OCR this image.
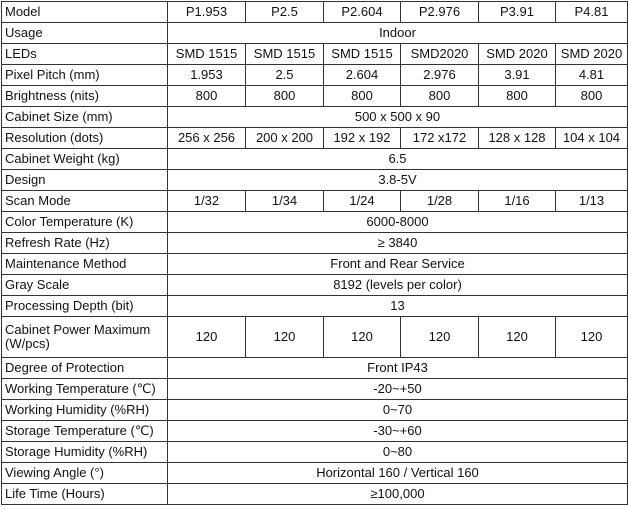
Model	P1.953	P2.5	P2.604	P2.976	P3.91	P4.81
Usage	Indoor					
LEDs	SMD 1515	SMD 1515	SMD 1515	SMD2020	SMD 2020	SMD 2020
Pixel Pitch (mm)	1.953	2.5	2.604	2.976	3.91	4.81
Brightness (nits)	800	800	800	800	800	800
Cabinet Size (mm)	500 x 500 x 90					
Resolution (dots)	256 x 256	200 x 200	192 x 192	172 x172	128 x 128	104 x 104
Cabinet Weight (kg)	6.5					
Design	3.8-5V					
Scan Mode	1/32	1/34	1/24	1/28	1/16	1/13
Color Temperature (K)	6000-8000					
Refresh Rate (Hz)	≥ 3840					
Maintenance Method	Front and Rear Service					
Gray Scale	8192 (levels per color)					
Processing Depth (bit)	13					
Cabinet Power Maximum (W/pcs)	120	120	120	120	120	120
Degree of Protection	Front IP43					
Working Temperature (℃)	-20~+50					
Working Humidity (%RH)	0~70					
Storage Temperature (℃)	-30~+60					
Storage Humidity (%RH)	0~80					
Viewing Angle (°)	Horizontal 160 / Vertical 160					
Life Time (Hours)	≥100,000					
